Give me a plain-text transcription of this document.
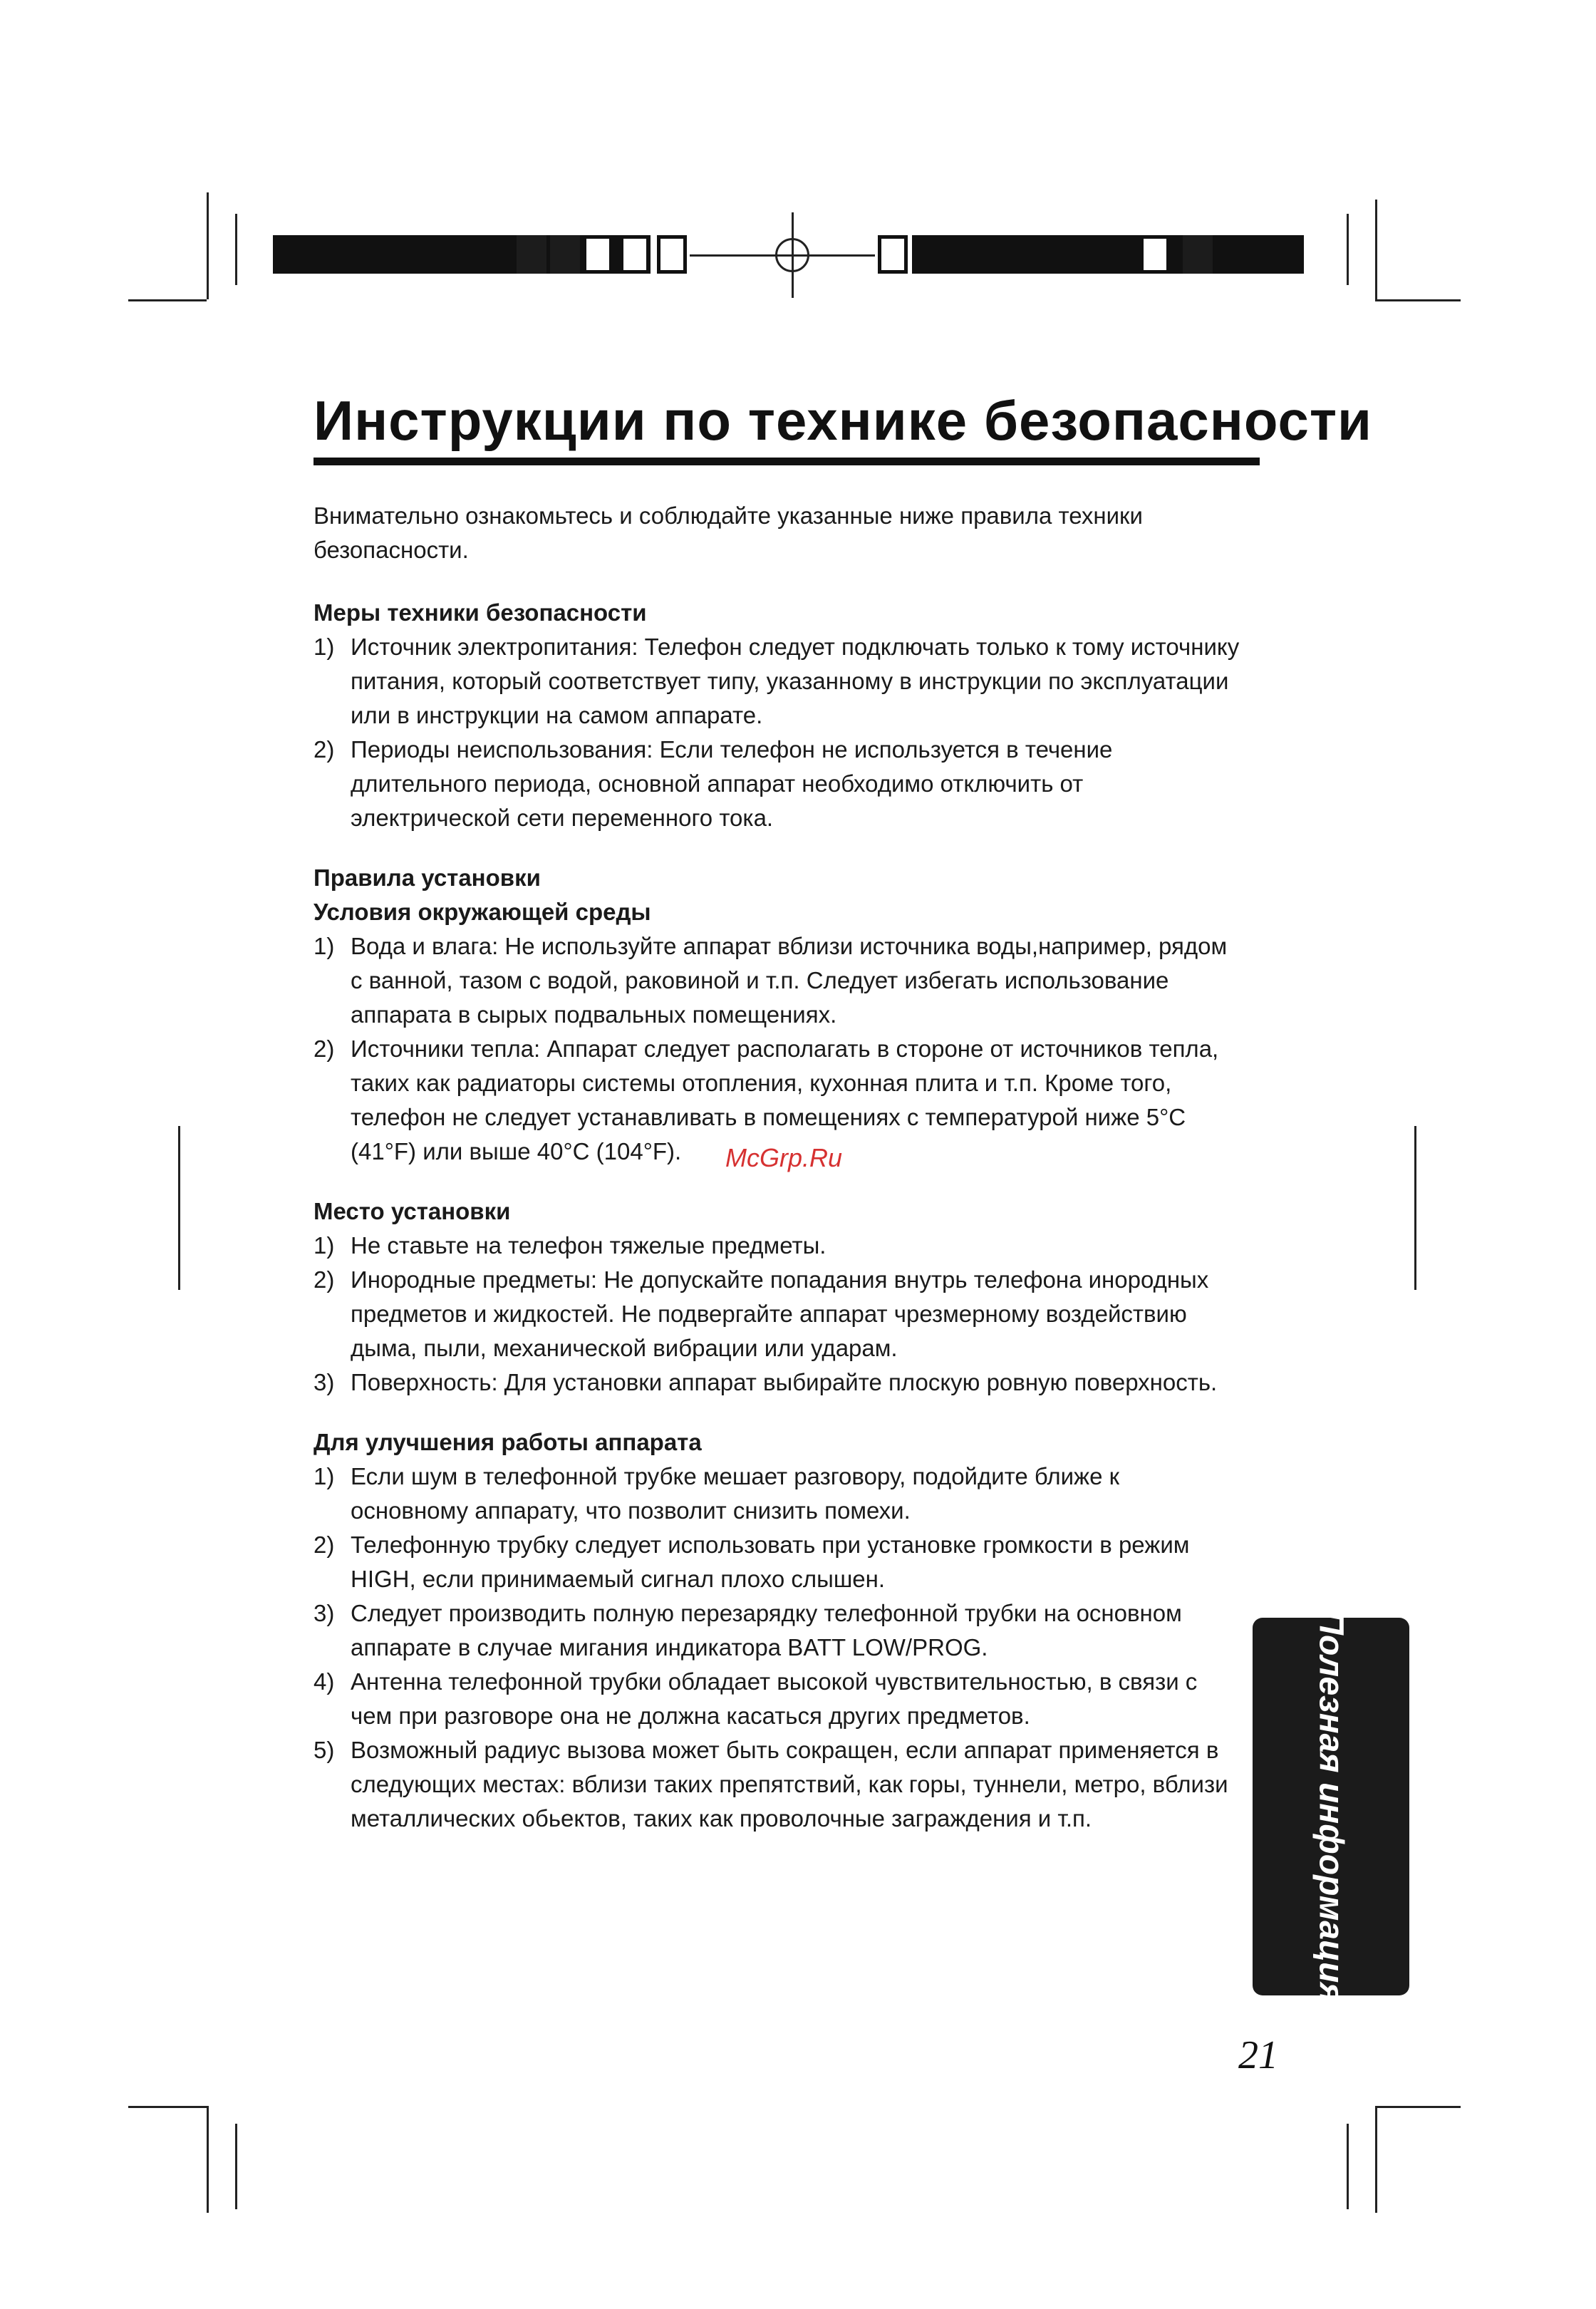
Инструкции по технике безопасности

Внимательно ознакомьтесь и соблюдайте указанные ниже правила техники безопасности.

Меры техники безопасности

1) Источник электропитания: Телефон следует подключать только к тому источнику питания, который соответствует типу, указанному в инструкции по эксплуатации или в инструкции на самом аппарате.
2) Периоды неиспользования: Если телефон не используется в течение длительного периода, основной аппарат необходимо отключить от электрической сети переменного тока.

Правила установки

Условия окружающей среды

1) Вода и влага: Не используйте аппарат вблизи источника воды,например, рядом с ванной, тазом с водой, раковиной и т.п. Следует избегать использование аппарата в сырых подвальных помещениях.
2) Источники тепла: Аппарат следует располагать в стороне от источников тепла, таких как радиаторы системы отопления, кухонная плита и т.п. Кроме того, телефон не следует устанавливать в помещениях с температурой ниже 5°С (41°F) или выше 40°С (104°F).

Место установки

1) Не ставьте на телефон тяжелые предметы.
2) Инородные предметы: Не допускайте попадания внутрь телефона инородных предметов и жидкостей. Не подвергайте аппарат чрезмерному воздействию дыма, пыли, механической вибрации или ударам.
3) Поверхность: Для установки аппарат выбирайте плоскую ровную поверхность.

Для улучшения работы аппарата

1) Если шум в телефонной трубке мешает разговору, подойдите ближе к основному аппарату, что позволит снизить помехи.
2) Телефонную трубку следует использовать при установке громкости в режим HIGH, если принимаемый сигнал плохо слышен.
3) Следует производить полную перезарядку телефонной трубки на основном аппарате в случае мигания индикатора BATT LOW/PROG.
4) Антенна телефонной трубки обладает высокой чувствительностью, в связи с чем при разговоре она не должна касаться других предметов.
5) Возможный радиус вызова может быть сокращен, если аппарат применяется в следующих местах: вблизи таких препятствий, как горы, туннели, метро, вблизи металлических обьектов, таких как проволочные заграждения и т.п.
McGrp.Ru
Полезная информация
21
